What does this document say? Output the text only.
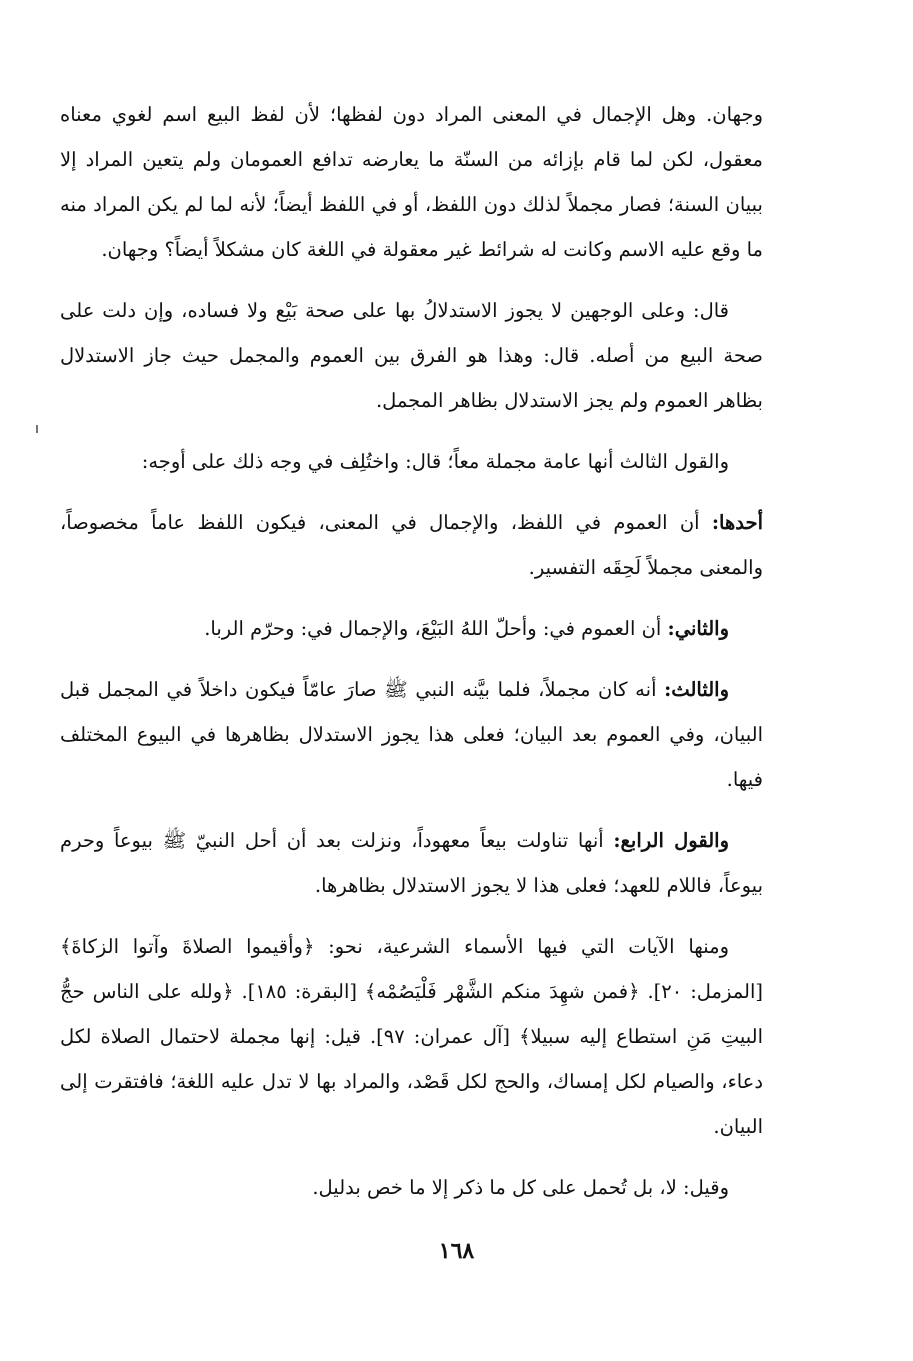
وجهان. وهل الإجمال في المعنى المراد دون لفظها؛ لأن لفظ البيع اسم لغوي معناه معقول، لكن لما قام بإزائه من السنّة ما يعارضه تدافع العمومان ولم يتعين المراد إلا ببيان السنة؛ فصار مجملاً لذلك دون اللفظ، أو في اللفظ أيضاً؛ لأنه لما لم يكن المراد منه ما وقع عليه الاسم وكانت له شرائط غير معقولة في اللغة كان مشكلاً أيضاً؟ وجهان.

قال: وعلى الوجهين لا يجوز الاستدلالُ بها على صحة بَيْع ولا فساده، وإن دلت على صحة البيع من أصله. قال: وهذا هو الفرق بين العموم والمجمل حيث جاز الاستدلال بظاهر العموم ولم يجز الاستدلال بظاهر المجمل.

والقول الثالث أنها عامة مجملة معاً؛ قال: واختُلِف في وجه ذلك على أوجه:

أحدها: أن العموم في اللفظ، والإجمال في المعنى، فيكون اللفظ عاماً مخصوصاً، والمعنى مجملاً لَحِقَه التفسير.

والثاني: أن العموم في: وأحلّ اللهُ البَيْعَ، والإجمال في: وحرّم الربا.

والثالث: أنه كان مجملاً، فلما بيَّنه النبي ﷺ صارَ عامّاً فيكون داخلاً في المجمل قبل البيان، وفي العموم بعد البيان؛ فعلى هذا يجوز الاستدلال بظاهرها في البيوع المختلف فيها.

والقول الرابع: أنها تناولت بيعاً معهوداً، ونزلت بعد أن أحل النبيّ ﷺ بيوعاً وحرم بيوعاً، فاللام للعهد؛ فعلى هذا لا يجوز الاستدلال بظاهرها.

ومنها الآيات التي فيها الأسماء الشرعية، نحو: ﴿وأقيموا الصلاةَ وآتوا الزكاةَ﴾ [المزمل: ٢٠]. ﴿فمن شهِدَ منكم الشَّهْر فَلْيَصُمْه﴾ [البقرة: ١٨٥]. ﴿ولله على الناس حجُّ البيتِ مَنِ استطاع إليه سبيلا﴾ [آل عمران: ٩٧]. قيل: إنها مجملة لاحتمال الصلاة لكل دعاء، والصيام لكل إمساك، والحج لكل قَصْد، والمراد بها لا تدل عليه اللغة؛ فافتقرت إلى البيان.

وقيل: لا، بل تُحمل على كل ما ذكر إلا ما خص بدليل.

١٦٨
